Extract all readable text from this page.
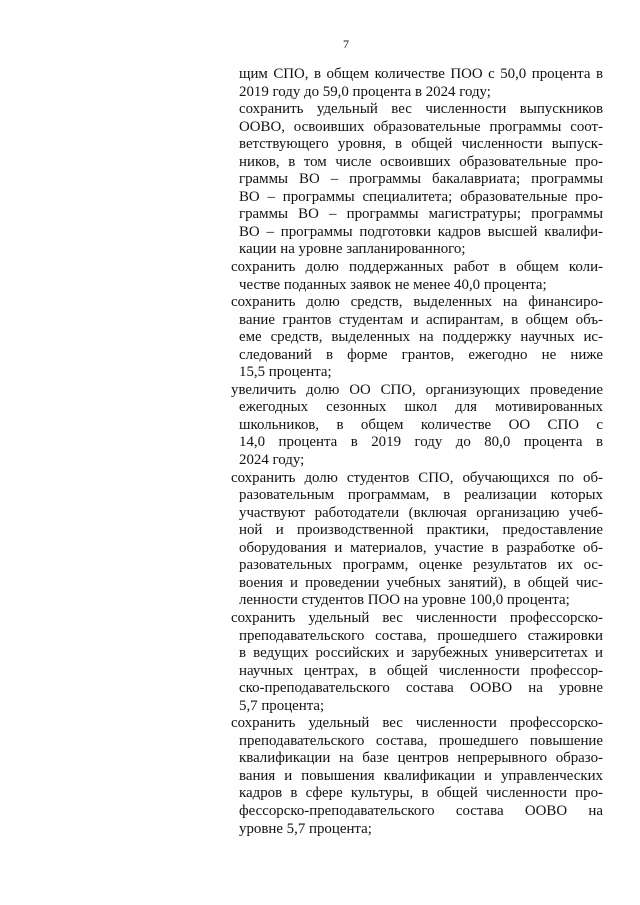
7
щим СПО, в общем количестве ПОО с 50,0 процента в
2019 году до 59,0 процента в 2024 году;
сохранить удельный вес численности выпускников
ООВО, освоивших образовательные программы соот-
ветствующего уровня, в общей численности выпуск-
ников, в том числе освоивших образовательные про-
граммы ВО – программы бакалавриата; программы
ВО – программы специалитета; образовательные про-
граммы ВО – программы магистратуры; программы
ВО – программы подготовки кадров высшей квалифи-
кации на уровне запланированного;
сохранить долю поддержанных работ в общем коли-
честве поданных заявок не менее 40,0 процента;
сохранить долю средств, выделенных на финансиро-
вание грантов студентам и аспирантам, в общем объ-
еме средств, выделенных на поддержку научных ис-
следований в форме грантов, ежегодно не ниже
15,5 процента;
увеличить долю ОО СПО, организующих проведение
ежегодных сезонных школ для мотивированных
школьников, в общем количестве ОО СПО с
14,0 процента в 2019 году до 80,0 процента в
2024 году;
сохранить долю студентов СПО, обучающихся по об-
разовательным программам, в реализации которых
участвуют работодатели (включая организацию учеб-
ной и производственной практики, предоставление
оборудования и материалов, участие в разработке об-
разовательных программ, оценке результатов их ос-
воения и проведении учебных занятий), в общей чис-
ленности студентов ПОО на уровне 100,0 процента;
сохранить удельный вес численности профессорско-
преподавательского состава, прошедшего стажировки
в ведущих российских и зарубежных университетах и
научных центрах, в общей численности профессор-
ско-преподавательского состава ООВО на уровне
5,7 процента;
сохранить удельный вес численности профессорско-
преподавательского состава, прошедшего повышение
квалификации на базе центров непрерывного образо-
вания и повышения квалификации и управленческих
кадров в сфере культуры, в общей численности про-
фессорско-преподавательского состава ООВО на
уровне 5,7 процента;
